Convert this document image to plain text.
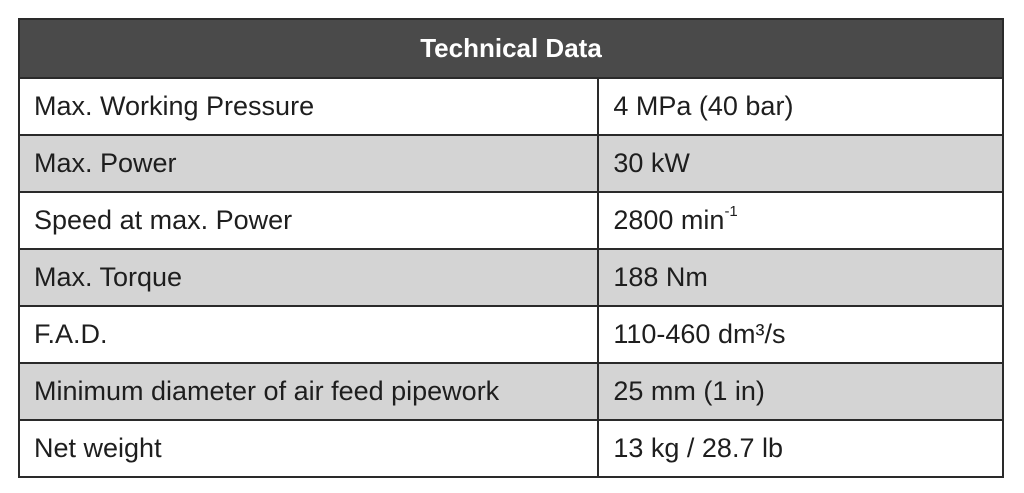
Technical Data	
Max. Working Pressure	4 MPa (40 bar)
Max. Power	30 kW
Speed at max. Power	2800 $\min^{-1}$
Max. Torque	188 Nm
F.A.D.	110-460 dm³/s
Minimum diameter of air feed pipework	25 mm (1 in)
Net weight	13 kg / 28.7 lb
